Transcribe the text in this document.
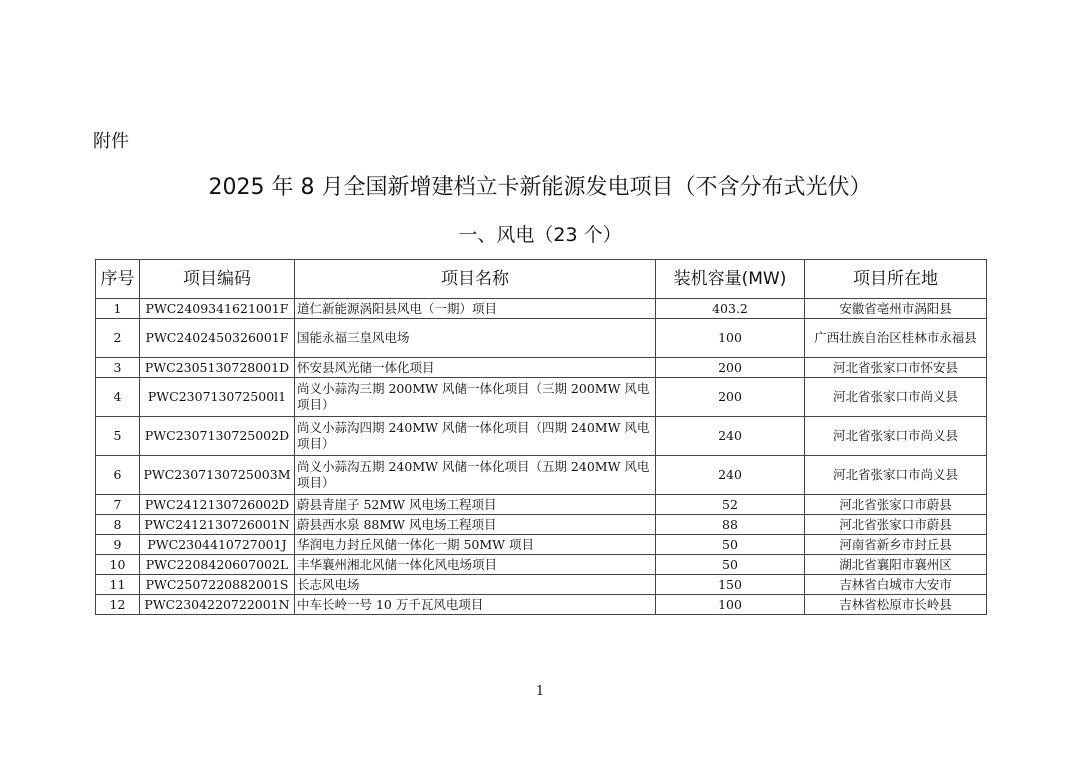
附件
2025 年 8 月全国新增建档立卡新能源发电项目（不含分布式光伏）
一、风电（23 个）
序号	项目编码	项目名称	装机容量(MW)	项目所在地
1	PWC2409341621001F	道仁新能源涡阳县风电（一期）项目	403.2	安徽省亳州市涡阳县
2	PWC2402450326001F	国能永福三皇风电场	100	广西壮族自治区桂林市永福县
3	PWC2305130728001D	怀安县风光储一体化项目	200	河北省张家口市怀安县
4	PWC230713072500l1	尚义小蒜沟三期 200MW 风储一体化项目（三期 200MW 风电项目）	200	河北省张家口市尚义县
5	PWC2307130725002D	尚义小蒜沟四期 240MW 风储一体化项目（四期 240MW 风电项目）	240	河北省张家口市尚义县
6	PWC2307130725003M	尚义小蒜沟五期 240MW 风储一体化项目（五期 240MW 风电项目）	240	河北省张家口市尚义县
7	PWC2412130726002D	蔚县青崖子 52MW 风电场工程项目	52	河北省张家口市蔚县
8	PWC2412130726001N	蔚县西水泉 88MW 风电场工程项目	88	河北省张家口市蔚县
9	PWC2304410727001J	华润电力封丘风储一体化一期 50MW 项目	50	河南省新乡市封丘县
10	PWC2208420607002L	丰华襄州湘北风储一体化风电场项目	50	湖北省襄阳市襄州区
11	PWC2507220882001S	长志风电场	150	吉林省白城市大安市
12	PWC2304220722001N	中车长岭一号 10 万千瓦风电项目	100	吉林省松原市长岭县
1
